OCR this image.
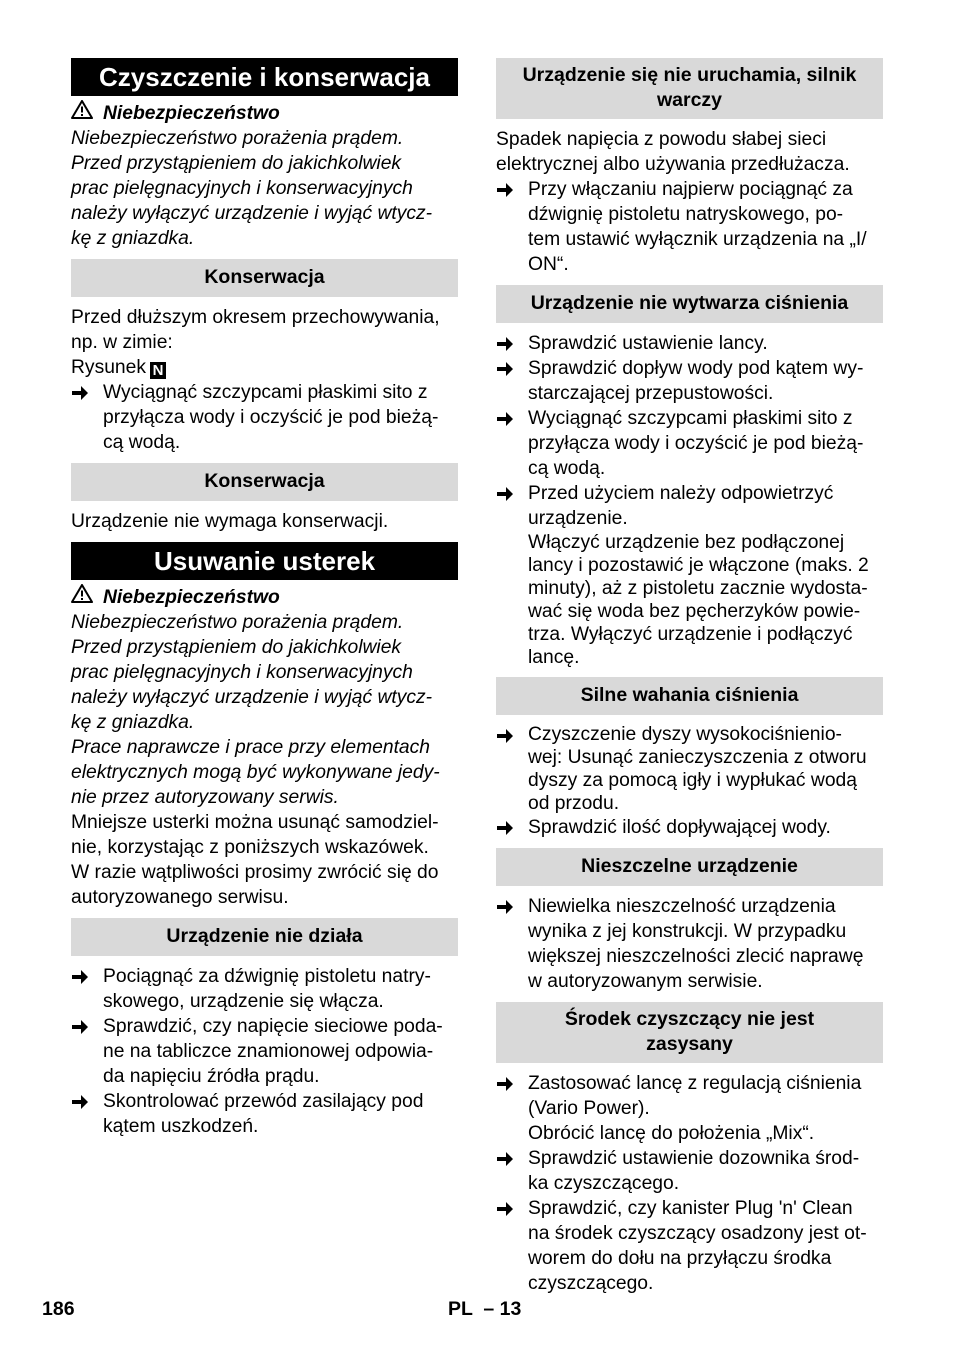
Czyszczenie i konserwacja
Niebezpieczeństwo

Niebezpieczeństwo porażenia prądem.

Przed przystąpieniem do jakichkolwiek

prac pielęgnacyjnych i konserwacyjnych

należy wyłączyć urządzenie i wyjąć wtycz-

kę z gniazdka.

Konserwacja

Przed dłuższym okresem przechowywania,

np. w zimie:

Rysunek N

Wyciągnąć szczypcami płaskimi sito z

przyłącza wody i oczyścić je pod bieżą-

cą wodą.

Konserwacja

Urządzenie nie wymaga konserwacji.

Usuwanie usterek
Niebezpieczeństwo

Niebezpieczeństwo porażenia prądem.

Przed przystąpieniem do jakichkolwiek

prac pielęgnacyjnych i konserwacyjnych

należy wyłączyć urządzenie i wyjąć wtycz-

kę z gniazdka.

Prace naprawcze i prace przy elementach

elektrycznych mogą być wykonywane jedy-

nie przez autoryzowany serwis.

Mniejsze usterki można usunąć samodziel-

nie, korzystając z poniższych wskazówek.

W razie wątpliwości prosimy zwrócić się do

autoryzowanego serwisu.

Urządzenie nie działa

Pociągnąć za dźwignię pistoletu natry-

skowego, urządzenie się włącza.

Sprawdzić, czy napięcie sieciowe poda-

ne na tabliczce znamionowej odpowia-

da napięciu źródła prądu.

Skontrolować przewód zasilający pod

kątem uszkodzeń.

Urządzenie się nie uruchamia, silnik

warczy

Spadek napięcia z powodu słabej sieci

elektrycznej albo używania przedłużacza.

Przy włączaniu najpierw pociągnąć za

dźwignię pistoletu natryskowego, po-

tem ustawić wyłącznik urządzenia na „I/

ON“.

Urządzenie nie wytwarza ciśnienia

Sprawdzić ustawienie lancy.

Sprawdzić dopływ wody pod kątem wy-

starczającej przepustowości.

Wyciągnąć szczypcami płaskimi sito z

przyłącza wody i oczyścić je pod bieżą-

cą wodą.

Przed użyciem należy odpowietrzyć

urządzenie.

Włączyć urządzenie bez podłączonej

lancy i pozostawić je włączone (maks. 2

minuty), aż z pistoletu zacznie wydosta-

wać się woda bez pęcherzyków powie-

trza. Wyłączyć urządzenie i podłączyć

lancę.

Silne wahania ciśnienia

Czyszczenie dyszy wysokociśnienio-

wej: Usunąć zanieczyszczenia z otworu

dyszy za pomocą igły i wypłukać wodą

od przodu.

Sprawdzić ilość dopływającej wody.

Nieszczelne urządzenie

Niewielka nieszczelność urządzenia

wynika z jej konstrukcji. W przypadku

większej nieszczelności zlecić naprawę

w autoryzowanym serwisie.

Środek czyszczący nie jest

zasysany

Zastosować lancę z regulacją ciśnienia

(Vario Power).

Obrócić lancę do położenia „Mix“.

Sprawdzić ustawienie dozownika środ-

ka czyszczącego.

Sprawdzić, czy kanister Plug 'n' Clean

na środek czyszczący osadzony jest ot-

worem do dołu na przyłączu środka

czyszczącego.

186	PL  – 13
